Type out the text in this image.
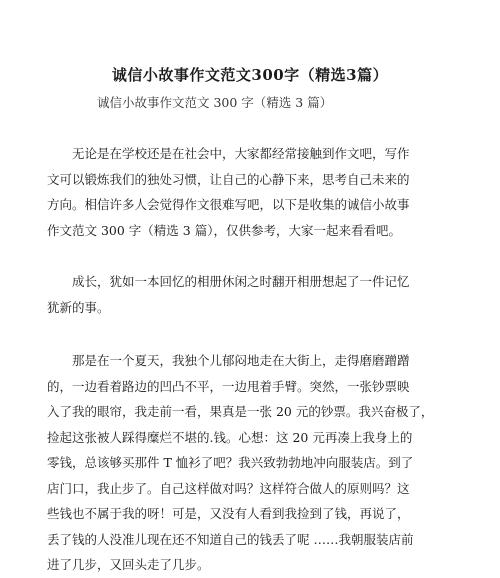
诚信小故事作文范文300字（精选3篇）
诚信小故事作文范文 300 字（精选 3 篇）
　　无论是在学校还是在社会中，大家都经常接触到作文吧，写作
文可以锻炼我们的独处习惯，让自己的心静下来，思考自己未来的
方向。相信许多人会觉得作文很难写吧，以下是收集的诚信小故事
作文范文 300 字（精选 3 篇），仅供参考，大家一起来看看吧。
　　成长，犹如一本回忆的相册休闲之时翻开相册想起了一件记忆
犹新的事。
　　那是在一个夏天，我独个儿郁闷地走在大街上，走得磨磨蹭蹭
的，一边看着路边的凹凸不平，一边甩着手臂。突然，一张钞票映
入了我的眼帘，我走前一看，果真是一张 20 元的钞票。我兴奋极了，
捡起这张被人踩得糜烂不堪的.钱。心想：这 20 元再凑上我身上的
零钱，总该够买那件 T 恤衫了吧？我兴致勃勃地冲向服装店。到了
店门口，我止步了。自己这样做对吗？这样符合做人的原则吗？这
些钱也不属于我的呀！可是，又没有人看到我捡到了钱，再说了，
丢了钱的人没准儿现在还不知道自己的钱丢了呢 ……我朝服装店前
进了几步，又回头走了几步。
